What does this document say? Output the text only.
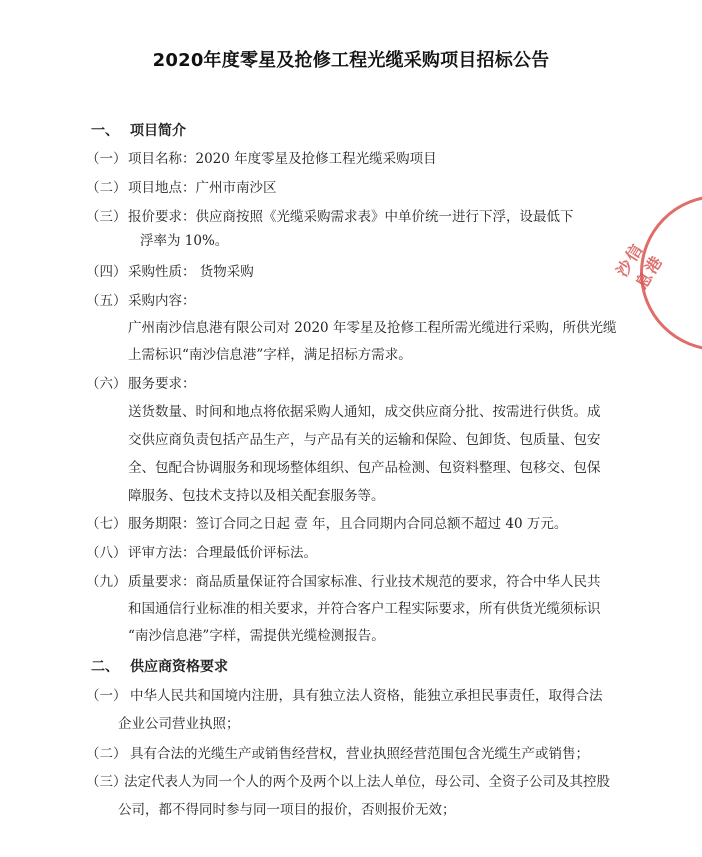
2020年度零星及抢修工程光缆采购项目招标公告
一、 项目简介
（一） 项目名称：2020 年度零星及抢修工程光缆采购项目
（二） 项目地点：广州市南沙区
（三） 报价要求：供应商按照《光缆采购需求表》中单价统一进行下浮，设最低下
浮率为 10%。
（四） 采购性质： 货物采购
（五） 采购内容：
广州南沙信息港有限公司对 2020 年零星及抢修工程所需光缆进行采购，所供光缆
上需标识“南沙信息港”字样，满足招标方需求。
（六） 服务要求：
送货数量、时间和地点将依据采购人通知，成交供应商分批、按需进行供货。成
交供应商负责包括产品生产，与产品有关的运输和保险、包卸货、包质量、包安
全、包配合协调服务和现场整体组织、包产品检测、包资料整理、包移交、包保
障服务、包技术支持以及相关配套服务等。
（七） 服务期限：签订合同之日起 壹 年，且合同期内合同总额不超过 40 万元。
（八） 评审方法：合理最低价评标法。
（九） 质量要求：商品质量保证符合国家标准、行业技术规范的要求，符合中华人民共
和国通信行业标准的相关要求，并符合客户工程实际要求，所有供货光缆须标识
“南沙信息港”字样，需提供光缆检测报告。
二、 供应商资格要求
（一） 中华人民共和国境内注册，具有独立法人资格，能独立承担民事责任，取得合法
企业公司营业执照；
（二） 具有合法的光缆生产或销售经营权，营业执照经营范围包含光缆生产或销售；
（三）
法定代表人为同一个人的两个及两个以上法人单位，母公司、全资子公司及其控股
公司，都不得同时参与同一项目的报价，否则报价无效；
沙信息港
